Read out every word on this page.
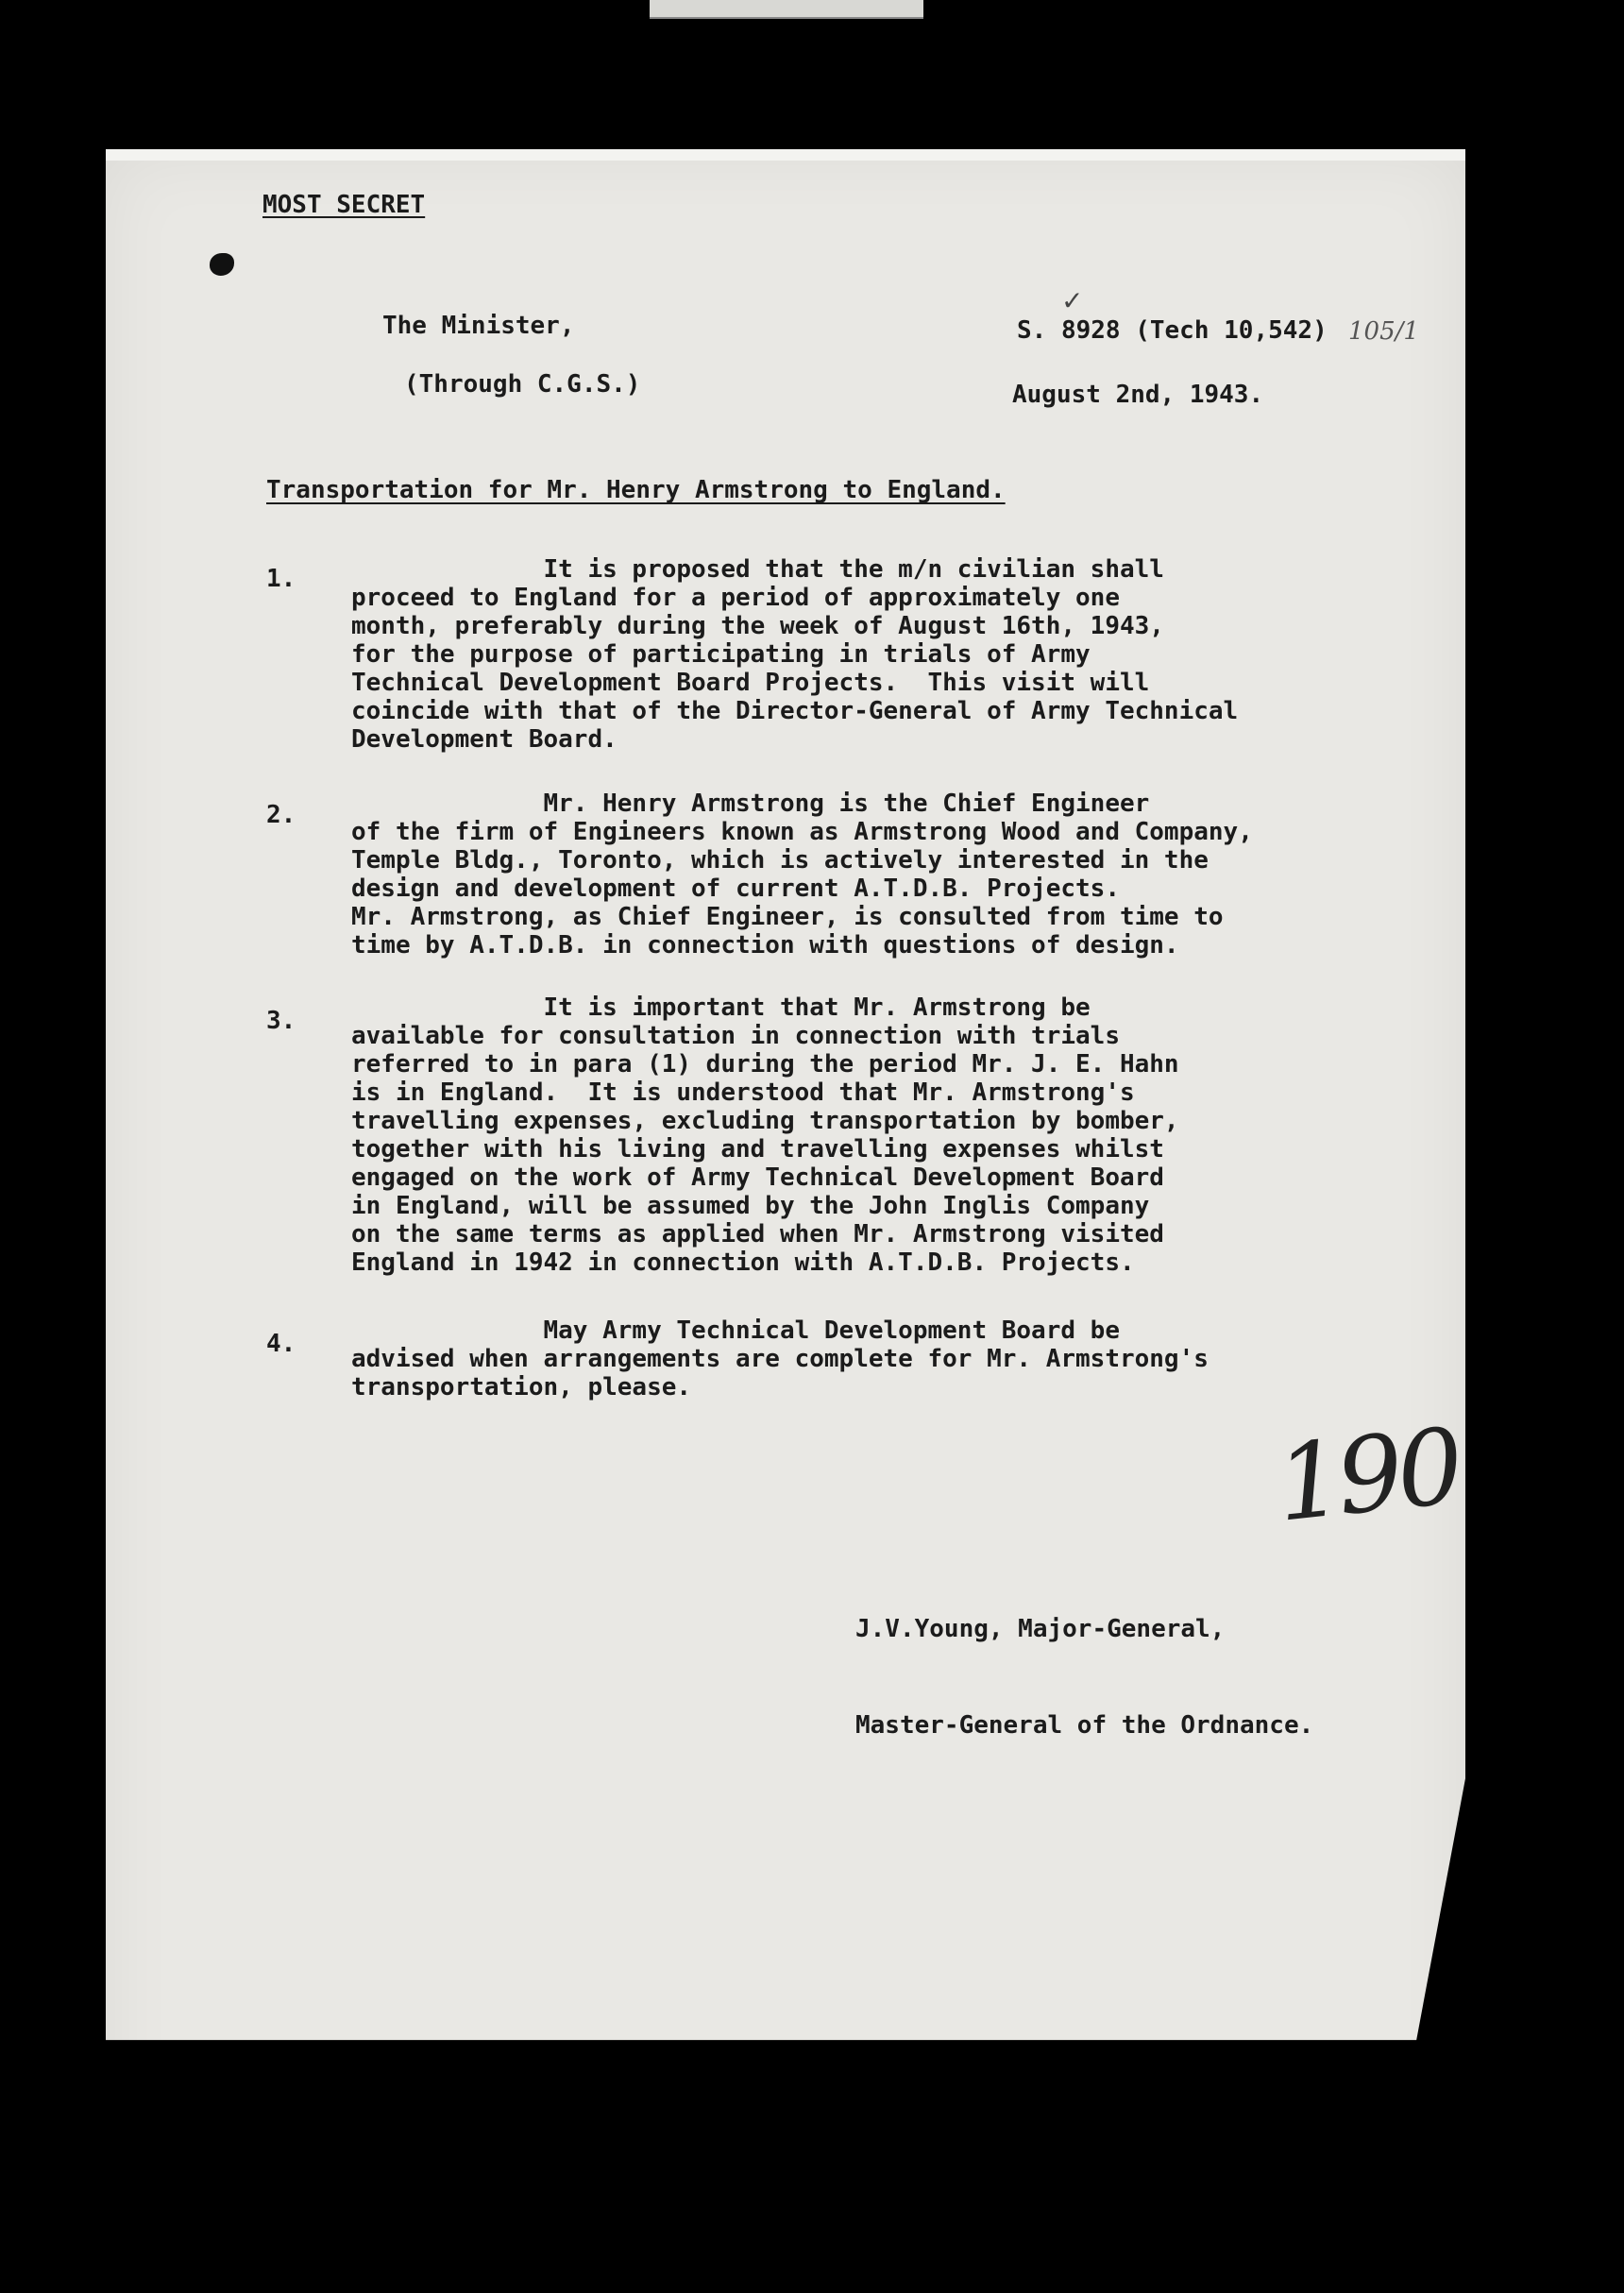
MOST SECRET
The Minister,
(Through C.G.S.)
✓
S. 8928 (Tech 10,542) 105/1
August 2nd, 1943.
Transportation for Mr. Henry Armstrong to England.
1.	It is proposed that the m/n civilian shall
proceed to England for a period of approximately one
month, preferably during the week of August 16th, 1943,
for the purpose of participating in trials of Army
Technical Development Board Projects.  This visit will
coincide with that of the Director-General of Army Technical
Development Board.
2.	Mr. Henry Armstrong is the Chief Engineer
of the firm of Engineers known as Armstrong Wood and Company,
Temple Bldg., Toronto, which is actively interested in the
design and development of current A.T.D.B. Projects.
Mr. Armstrong, as Chief Engineer, is consulted from time to
time by A.T.D.B. in connection with questions of design.
3.	It is important that Mr. Armstrong be
available for consultation in connection with trials
referred to in para (1) during the period Mr. J. E. Hahn
is in England.  It is understood that Mr. Armstrong's
travelling expenses, excluding transportation by bomber,
together with his living and travelling expenses whilst
engaged on the work of Army Technical Development Board
in England, will be assumed by the John Inglis Company
on the same terms as applied when Mr. Armstrong visited
England in 1942 in connection with A.T.D.B. Projects.
4.	May Army Technical Development Board be
advised when arrangements are complete for Mr. Armstrong's
transportation, please.
190

J.V.Young, Major-General,

Master-General of the Ordnance.
